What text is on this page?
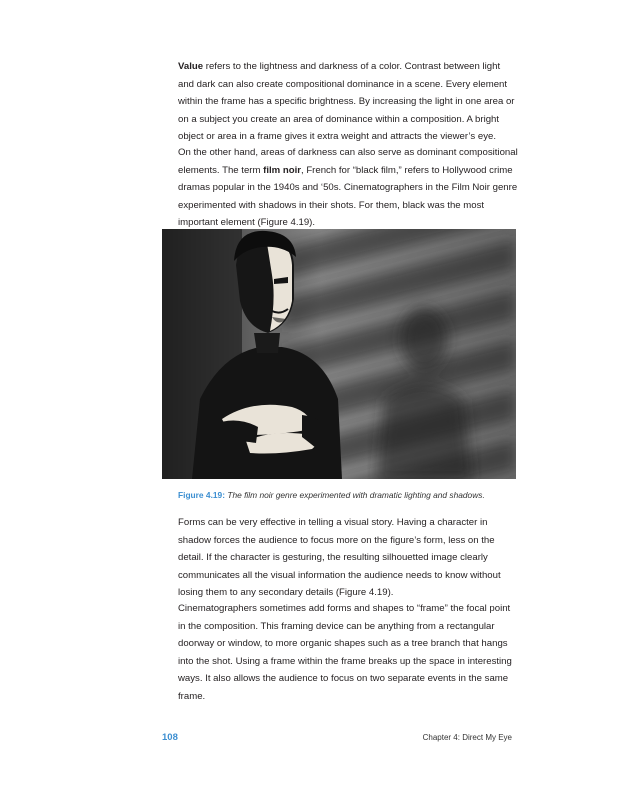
Value refers to the lightness and darkness of a color. Contrast between light and dark can also create compositional dominance in a scene. Every element within the frame has a specific brightness. By increasing the light in one area or on a subject you create an area of dominance within a composition. A bright object or area in a frame gives it extra weight and attracts the viewer’s eye.

On the other hand, areas of darkness can also serve as dominant compositional elements. The term film noir, French for “black film,” refers to Hollywood crime dramas popular in the 1940s and ‘50s. Cinematographers in the Film Noir genre experimented with shadows in their shots. For them, black was the most important element (Figure 4.19).

Figure 4.19: The film noir genre experimented with dramatic lighting and shadows.

Forms can be very effective in telling a visual story. Having a character in shadow forces the audience to focus more on the figure’s form, less on the detail. If the character is gesturing, the resulting silhouetted image clearly communicates all the visual information the audience needs to know without losing them to any secondary details (Figure 4.19).

Cinematographers sometimes add forms and shapes to “frame” the focal point in the composition. This framing device can be anything from a rectangular doorway or window, to more organic shapes such as a tree branch that hangs into the shot. Using a frame within the frame breaks up the space in interesting ways. It also allows the audience to focus on two separate events in the same frame.

108	Chapter 4: Direct My Eye
